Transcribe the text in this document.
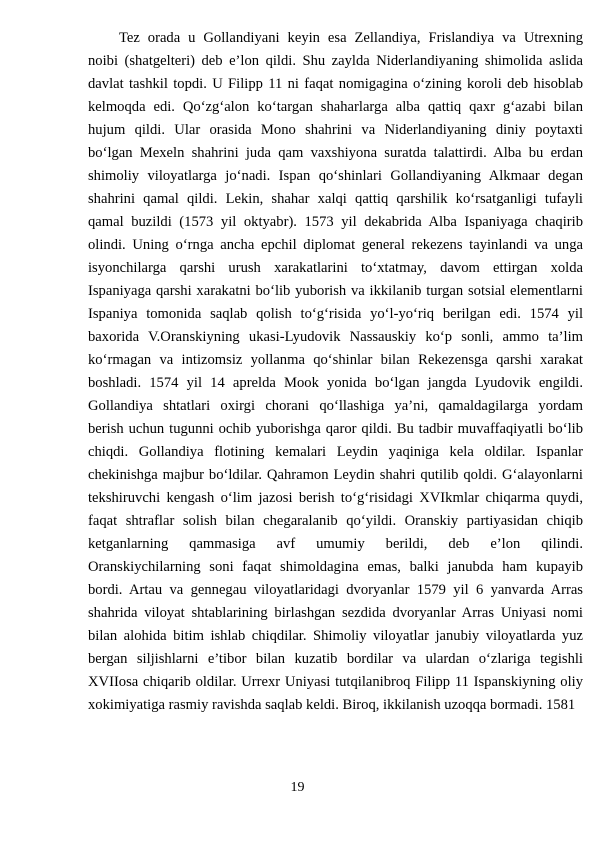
Tez orada u Gollandiyani keyin esa Zellandiya, Frislandiya va Utrexning
noibi (shatgelteri) deb e’lon qildi. Shu zaylda Niderlandiyaning shimolida aslida
davlat tashkil topdi. U Filipp 11 ni faqat nomigagina o‘zining koroli deb hisoblab
kelmoqda edi. Qo‘zg‘alon ko‘targan shaharlarga alba qattiq qaxr g‘azabi bilan
hujum qildi. Ular orasida Mono shahrini va Niderlandiyaning diniy poytaxti
bo‘lgan Mexeln shahrini juda qam vaxshiyona suratda talattirdi. Alba bu erdan
shimoliy viloyatlarga jo‘nadi. Ispan qo‘shinlari Gollandiyaning Alkmaar degan
shahrini qamal qildi. Lekin, shahar xalqi qattiq qarshilik ko‘rsatganligi tufayli
qamal buzildi (1573 yil oktyabr). 1573 yil dekabrida Alba Ispaniyaga chaqirib
olindi. Uning o‘rnga ancha epchil diplomat general rekezens tayinlandi va unga
isyonchilarga qarshi urush xarakatlarini to‘xtatmay, davom ettirgan xolda
Ispaniyaga qarshi xarakatni bo‘lib yuborish va ikkilanib turgan sotsial elementlarni
Ispaniya tomonida saqlab qolish to‘g‘risida yo‘l-yo‘riq berilgan edi. 1574 yil
baxorida V.Oranskiyning ukasi-Lyudovik Nassauskiy ko‘p sonli, ammo ta’lim
ko‘rmagan va intizomsiz yollanma qo‘shinlar bilan Rekezensga qarshi xarakat
boshladi. 1574 yil 14 aprelda Mook yonida bo‘lgan jangda Lyudovik engildi.
Gollandiya shtatlari oxirgi chorani qo‘llashiga ya’ni, qamaldagilarga yordam
berish uchun tugunni ochib yuborishga qaror qildi. Bu tadbir muvaffaqiyatli bo‘lib
chiqdi. Gollandiya flotining kemalari Leydin yaqiniga kela oldilar. Ispanlar
chekinishga majbur bo‘ldilar. Qahramon Leydin shahri qutilib qoldi. G‘alayonlarni
tekshiruvchi kengash o‘lim jazosi berish to‘g‘risidagi XVIkmlar chiqarma quydi,
faqat shtraflar solish bilan chegaralanib qo‘yildi. Oranskiy partiyasidan chiqib
ketganlarning qammasiga avf umumiy berildi, deb e’lon qilindi.
Oranskiychilarning soni faqat shimoldagina emas, balki janubda ham kupayib
bordi. Artau va gennegau viloyatlaridagi dvoryanlar 1579 yil 6 yanvarda Arras
shahrida viloyat shtablarining birlashgan sezdida dvoryanlar Arras Uniyasi nomi
bilan alohida bitim ishlab chiqdilar. Shimoliy viloyatlar janubiy viloyatlarda yuz
bergan siljishlarni e’tibor bilan kuzatib bordilar va ulardan o‘zlariga tegishli
XVIIosa chiqarib oldilar. Urrexr Uniyasi tutqilanibroq Filipp 11 Ispanskiyning oliy
xokimiyatiga rasmiy ravishda saqlab keldi. Biroq, ikkilanish uzoqqa bormadi. 1581
19
